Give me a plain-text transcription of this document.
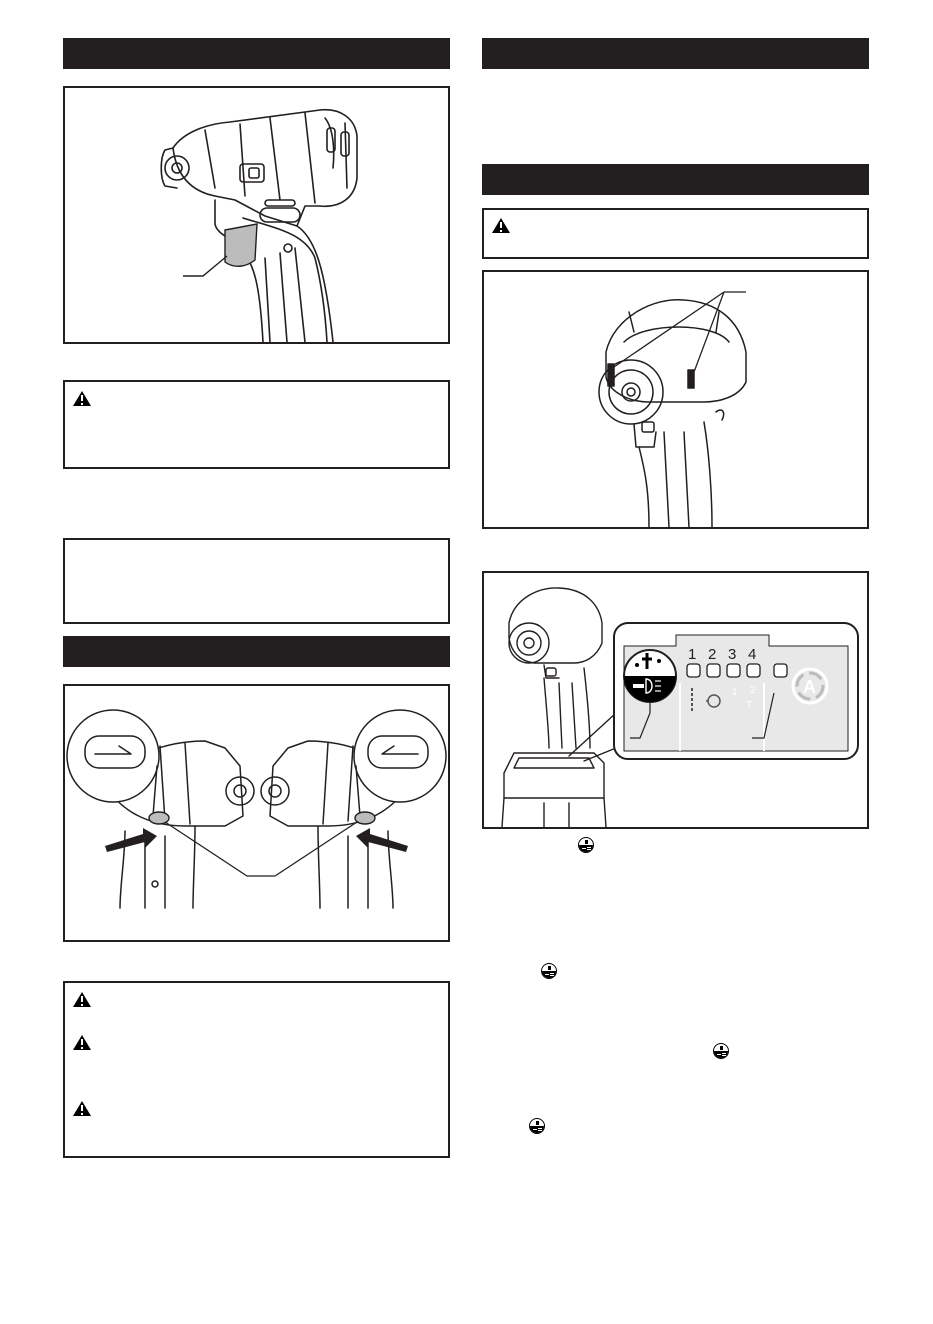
1 2 3 4
1 2
T
A
